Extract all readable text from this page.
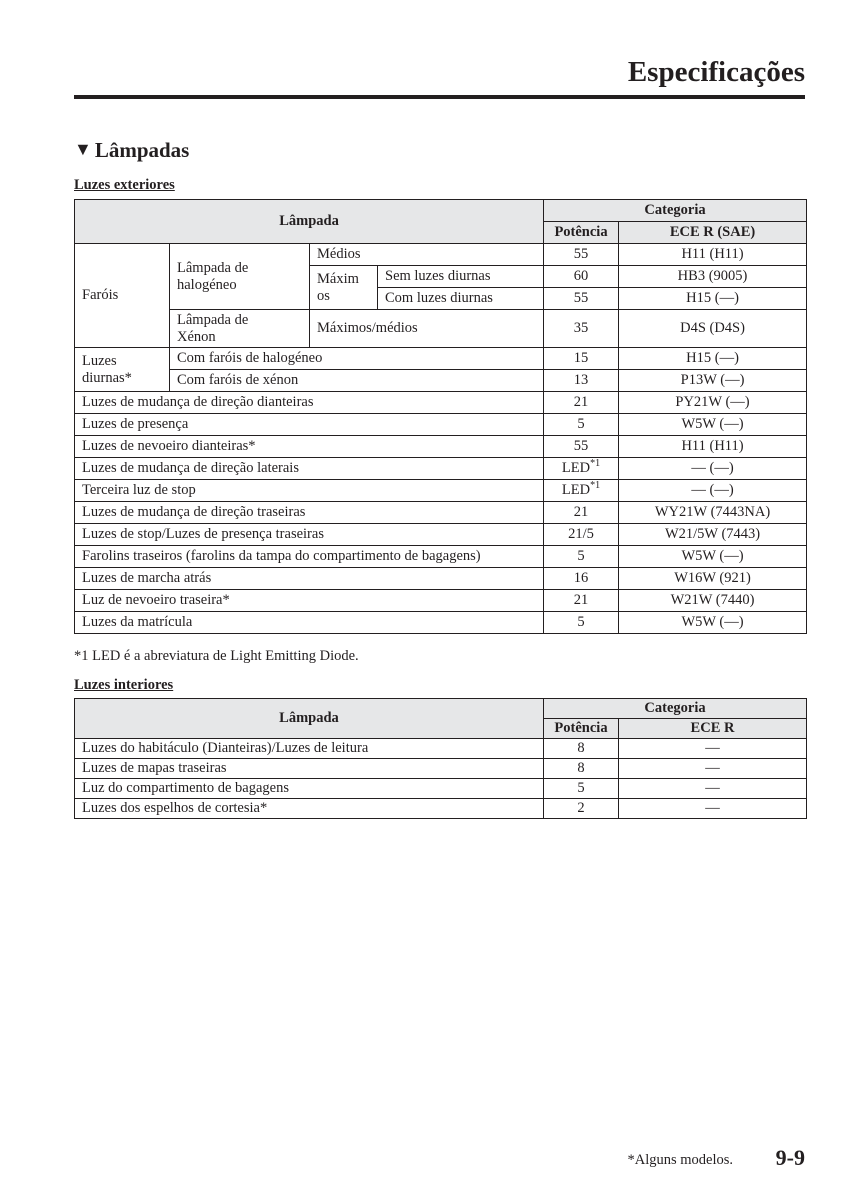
Especificações
▼ Lâmpadas

Luzes exteriores

Lâmpada				Categoria	
				Potência	ECE R (SAE)
Faróis	Lâmpada de halogéneo	Médios		55	H11 (H11)
		Máximos	Sem luzes diurnas	60	HB3 (9005)
			Com luzes diurnas	55	H15 (—)
	Lâmpada de Xénon	Máximos/médios		35	D4S (D4S)
Luzes diurnas*	Com faróis de halogéneo			15	H15 (—)
	Com faróis de xénon			13	P13W (—)
Luzes de mudança de direção dianteiras				21	PY21W (—)
Luzes de presença				5	W5W (—)
Luzes de nevoeiro dianteiras*				55	H11 (H11)
Luzes de mudança de direção laterais				LED$^{*1}$	— (—)
Terceira luz de stop				LED$^{*1}$	— (—)
Luzes de mudança de direção traseiras				21	WY21W (7443NA)
Luzes de stop/Luzes de presença traseiras				21/5	W21/5W (7443)
Farolins traseiros (farolins da tampa do compartimento de bagagens)				5	W5W (—)
Luzes de marcha atrás				16	W16W (921)
Luz de nevoeiro traseira*				21	W21W (7440)
Luzes da matrícula				5	W5W (—)

*1 LED é a abreviatura de Light Emitting Diode.

Luzes interiores

Lâmpada	Categoria	
	Potência	ECE R
Luzes do habitáculo (Dianteiras)/Luzes de leitura	8	—
Luzes de mapas traseiras	8	—
Luz do compartimento de bagagens	5	—
Luzes dos espelhos de cortesia*	2	—

*Alguns modelos. 9-9
